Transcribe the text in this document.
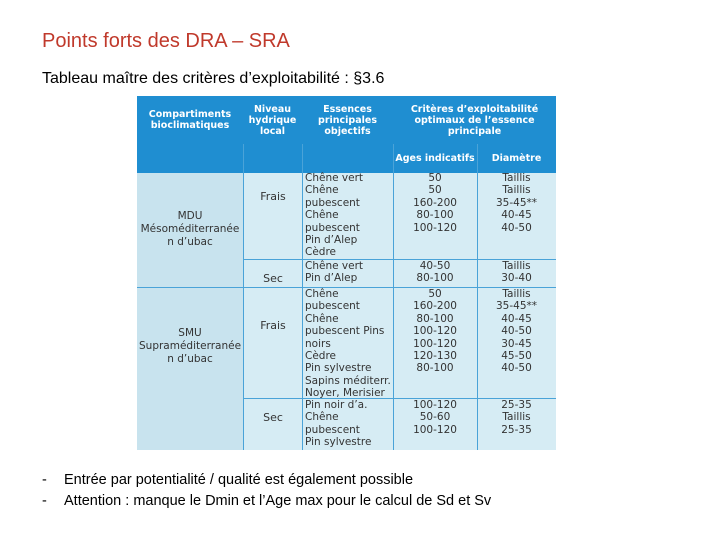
Points forts des DRA – SRA
Tableau maître des critères d’exploitabilité : §3.6
Compartiments bioclimatiques
Niveau hydrique local
Essences principales objectifs
Critères d’exploitabilité optimaux de l’essence principale
Ages indicatifs Diamètre
MDU Mésoméditerranée n d’ubac
SMU Supraméditerranée n d’ubac
Frais
Chêne vert
Chêne
pubescent
Chêne
pubescent
Pin d’Alep
Cèdre
50
50
160-200
80-100
100-120
Taillis
Taillis
35-45**
40-45
40-50
Sec
Chêne vert
Pin d’Alep
40-50
80-100
Taillis
30-40
Frais
Chêne
pubescent
Chêne
pubescent Pins
noirs
Cèdre
Pin sylvestre
Sapins méditerr.
Noyer, Merisier
50
160-200
80-100
100-120
100-120
120-130
80-100
Taillis
35-45**
40-45
40-50
30-45
45-50
40-50
Sec
Pin noir d’a.
Chêne
pubescent
Pin sylvestre
100-120
50-60
100-120
25-35
Taillis
25-35
-	Entrée par potentialité / qualité est également possible
-	Attention : manque le Dmin et l’Age max pour le calcul de Sd et Sv
